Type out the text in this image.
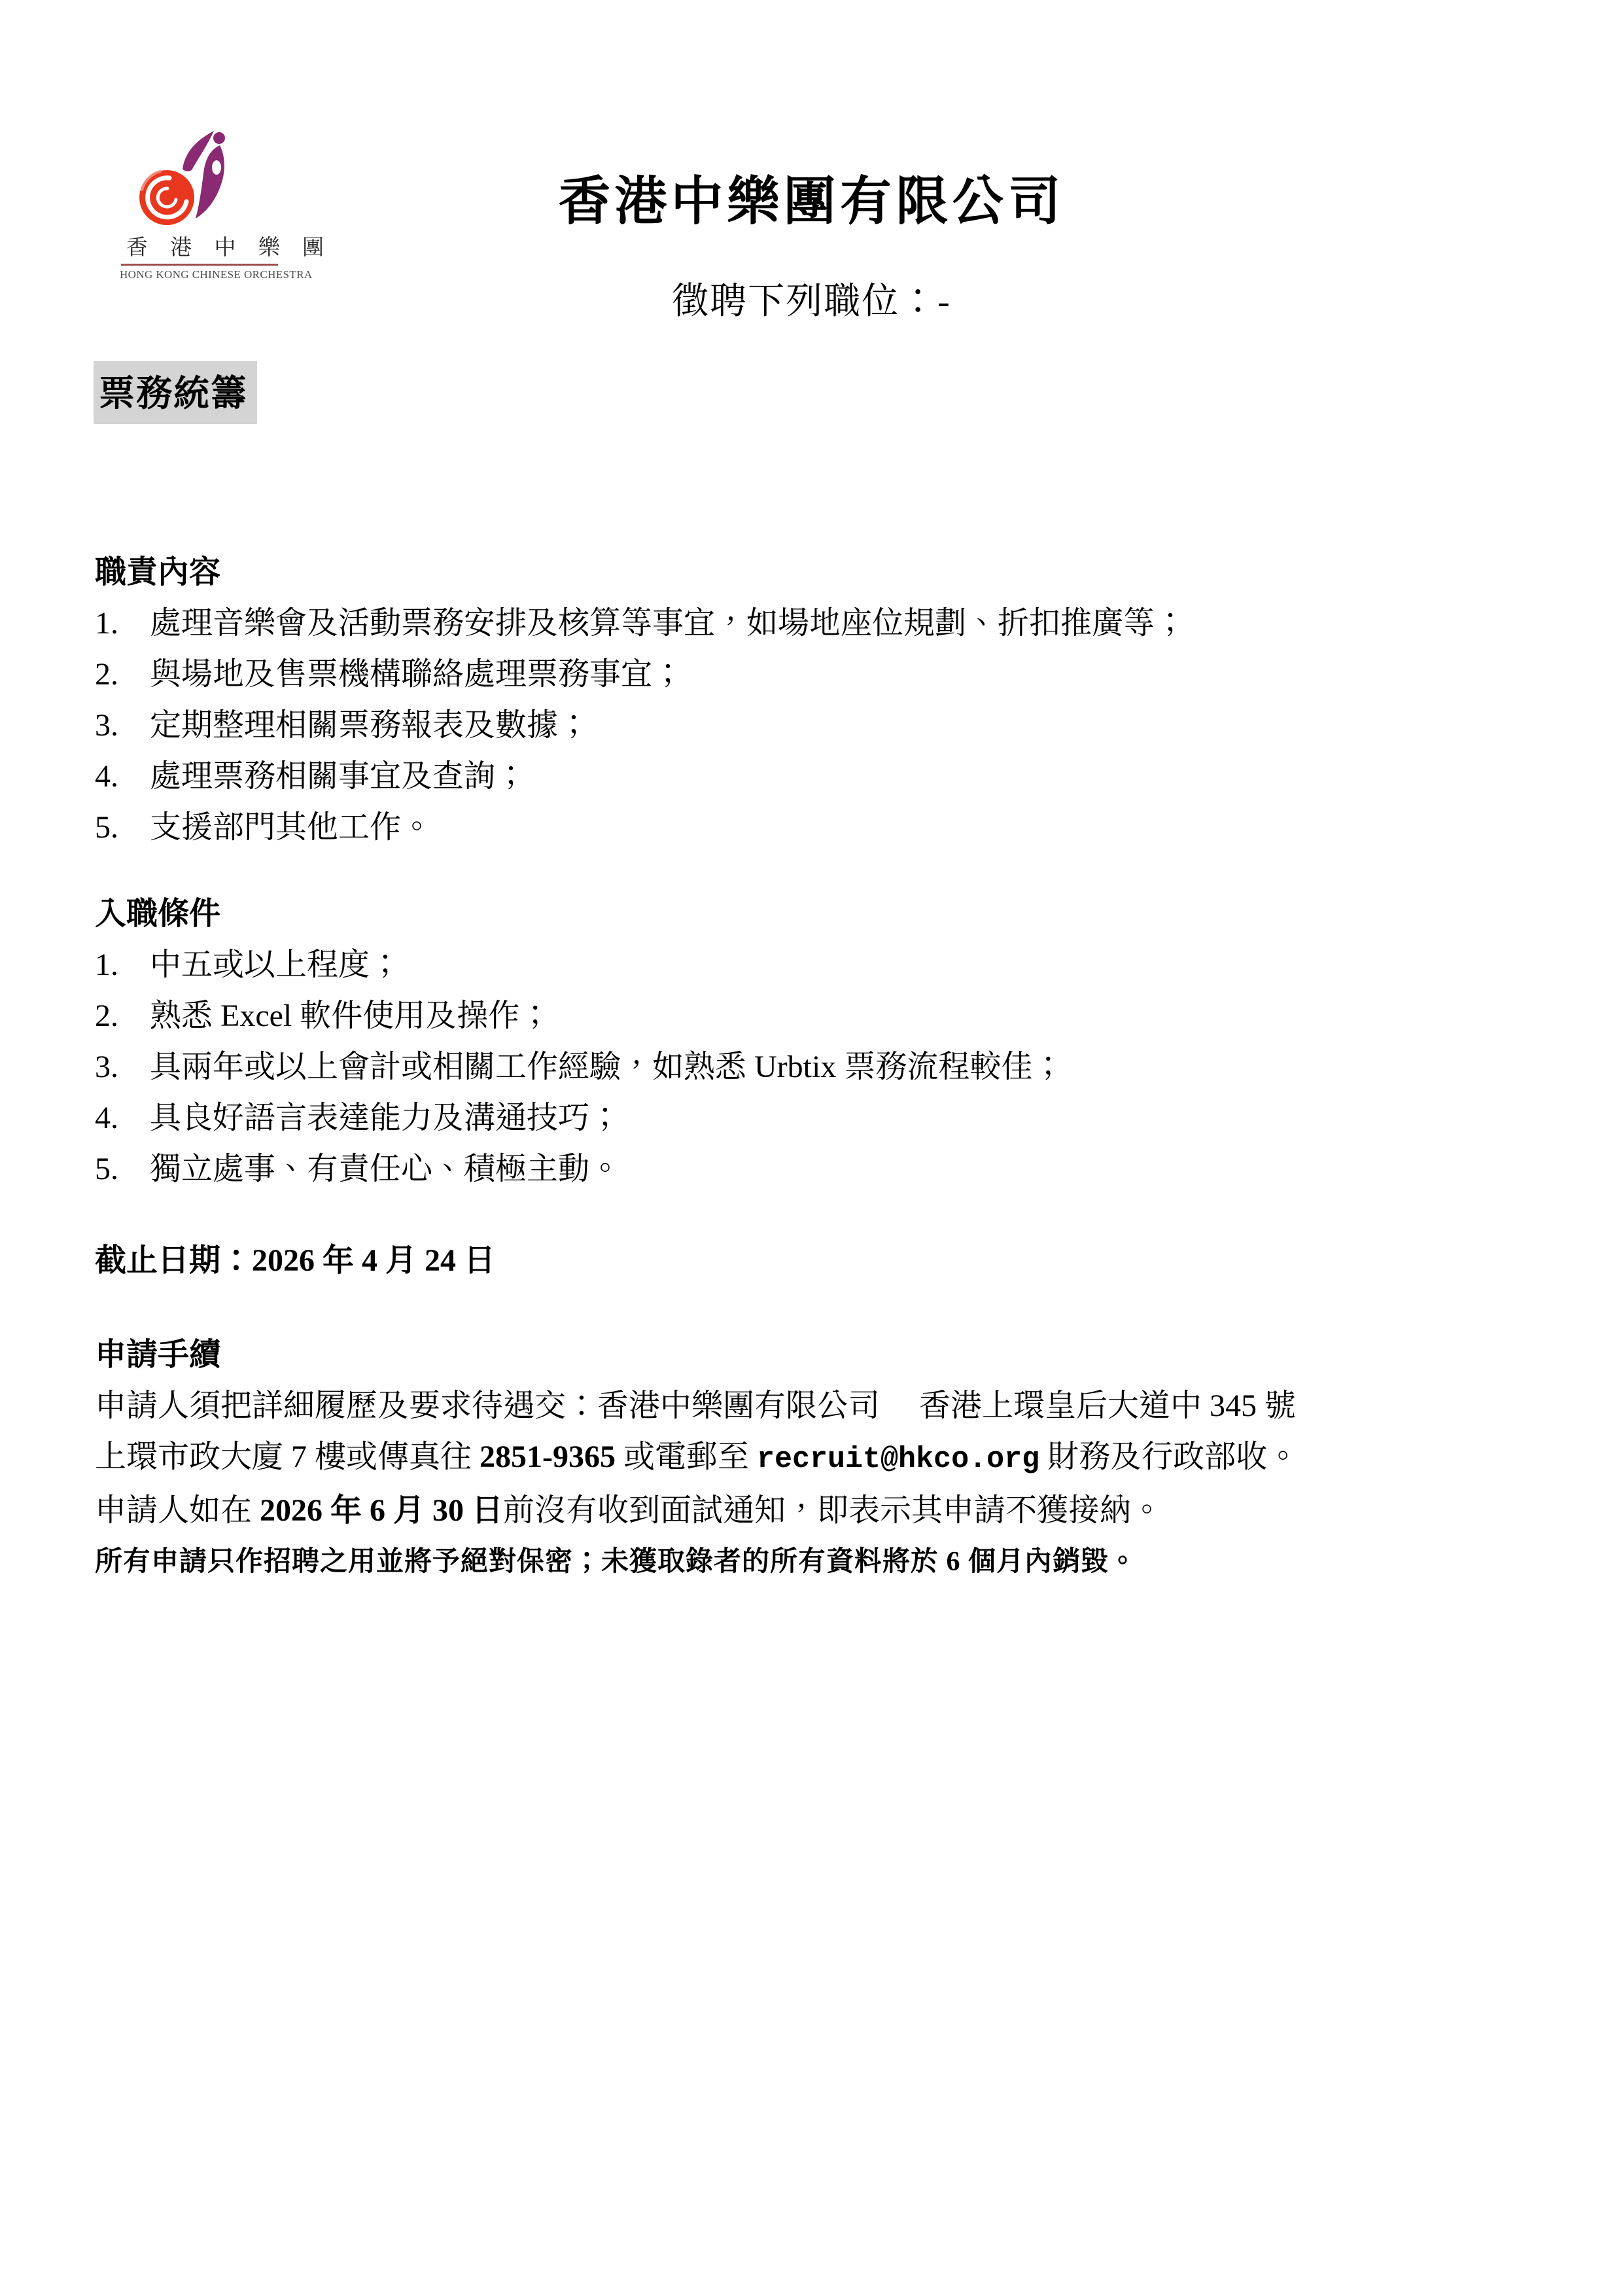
香 港 中 樂 團
HONG KONG CHINESE ORCHESTRA
香港中樂團有限公司
徵聘下列職位：-
票務統籌
職責內容
1.	處理音樂會及活動票務安排及核算等事宜，如場地座位規劃、折扣推廣等；
2.	與場地及售票機構聯絡處理票務事宜；
3.	定期整理相關票務報表及數據；
4.	處理票務相關事宜及查詢；
5.	支援部門其他工作。
入職條件
1.	中五或以上程度；
2.	熟悉 Excel 軟件使用及操作；
3.	具兩年或以上會計或相關工作經驗，如熟悉 Urbtix 票務流程較佳；
4.	具良好語言表達能力及溝通技巧；
5.	獨立處事、有責任心、積極主動。
截止日期：2026 年 4 月 24 日
申請手續
申請人須把詳細履歷及要求待遇交：香港中樂團有限公司　 香港上環皇后大道中 345 號
上環市政大廈 7 樓或傳真往 2851-9365 或電郵至 recruit@hkco.org 財務及行政部收。
申請人如在 2026 年 6 月 30 日前沒有收到面試通知，即表示其申請不獲接納。
所有申請只作招聘之用並將予絕對保密；未獲取錄者的所有資料將於 6 個月內銷毀。
